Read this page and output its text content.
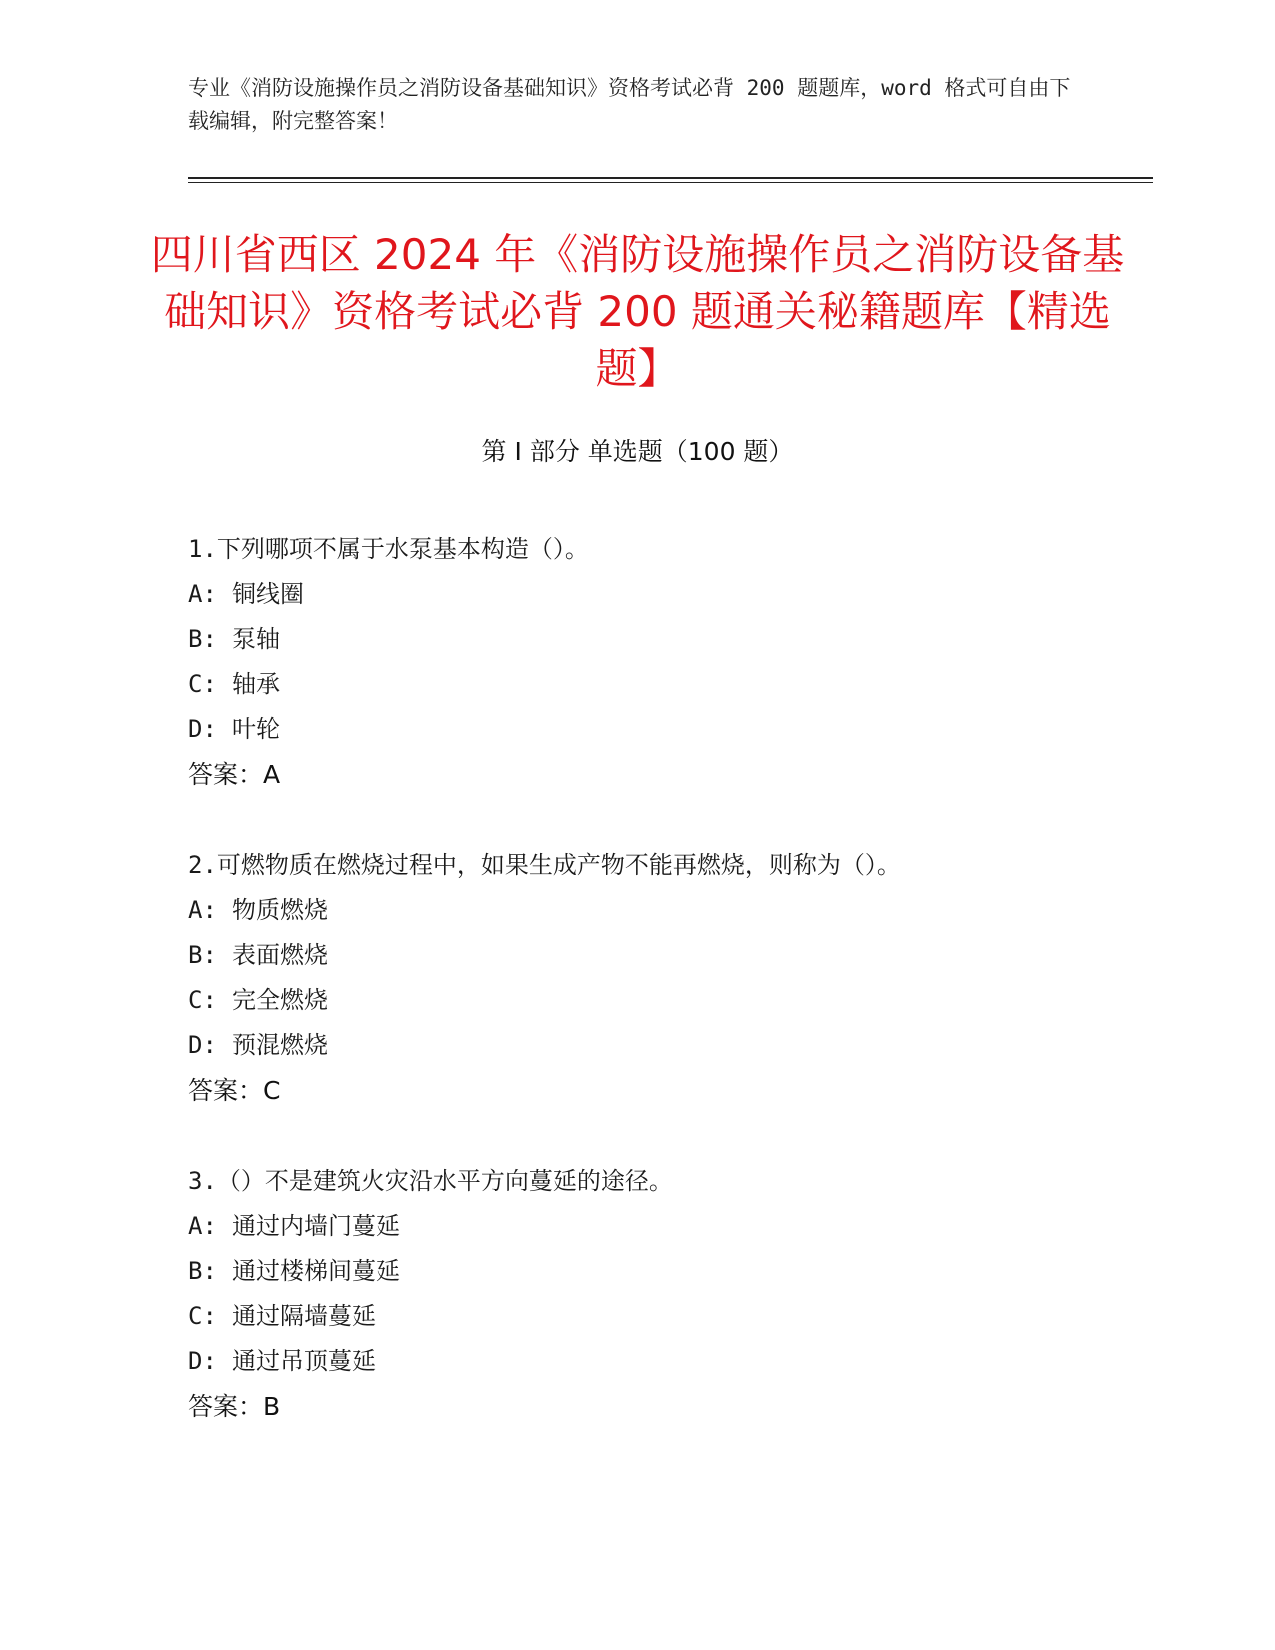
专业《消防设施操作员之消防设备基础知识》资格考试必背 200 题题库，word 格式可自由下载编辑，附完整答案！
四川省西区 2024 年《消防设施操作员之消防设备基础知识》资格考试必背 200 题通关秘籍题库【精选题】
第 I 部分 单选题（100 题）
1.下列哪项不属于水泵基本构造（）。
A: 铜线圈
B: 泵轴
C: 轴承
D: 叶轮
答案：A
2.可燃物质在燃烧过程中，如果生成产物不能再燃烧，则称为（）。
A: 物质燃烧
B: 表面燃烧
C: 完全燃烧
D: 预混燃烧
答案：C
3.（）不是建筑火灾沿水平方向蔓延的途径。
A: 通过内墙门蔓延
B: 通过楼梯间蔓延
C: 通过隔墙蔓延
D: 通过吊顶蔓延
答案：B
